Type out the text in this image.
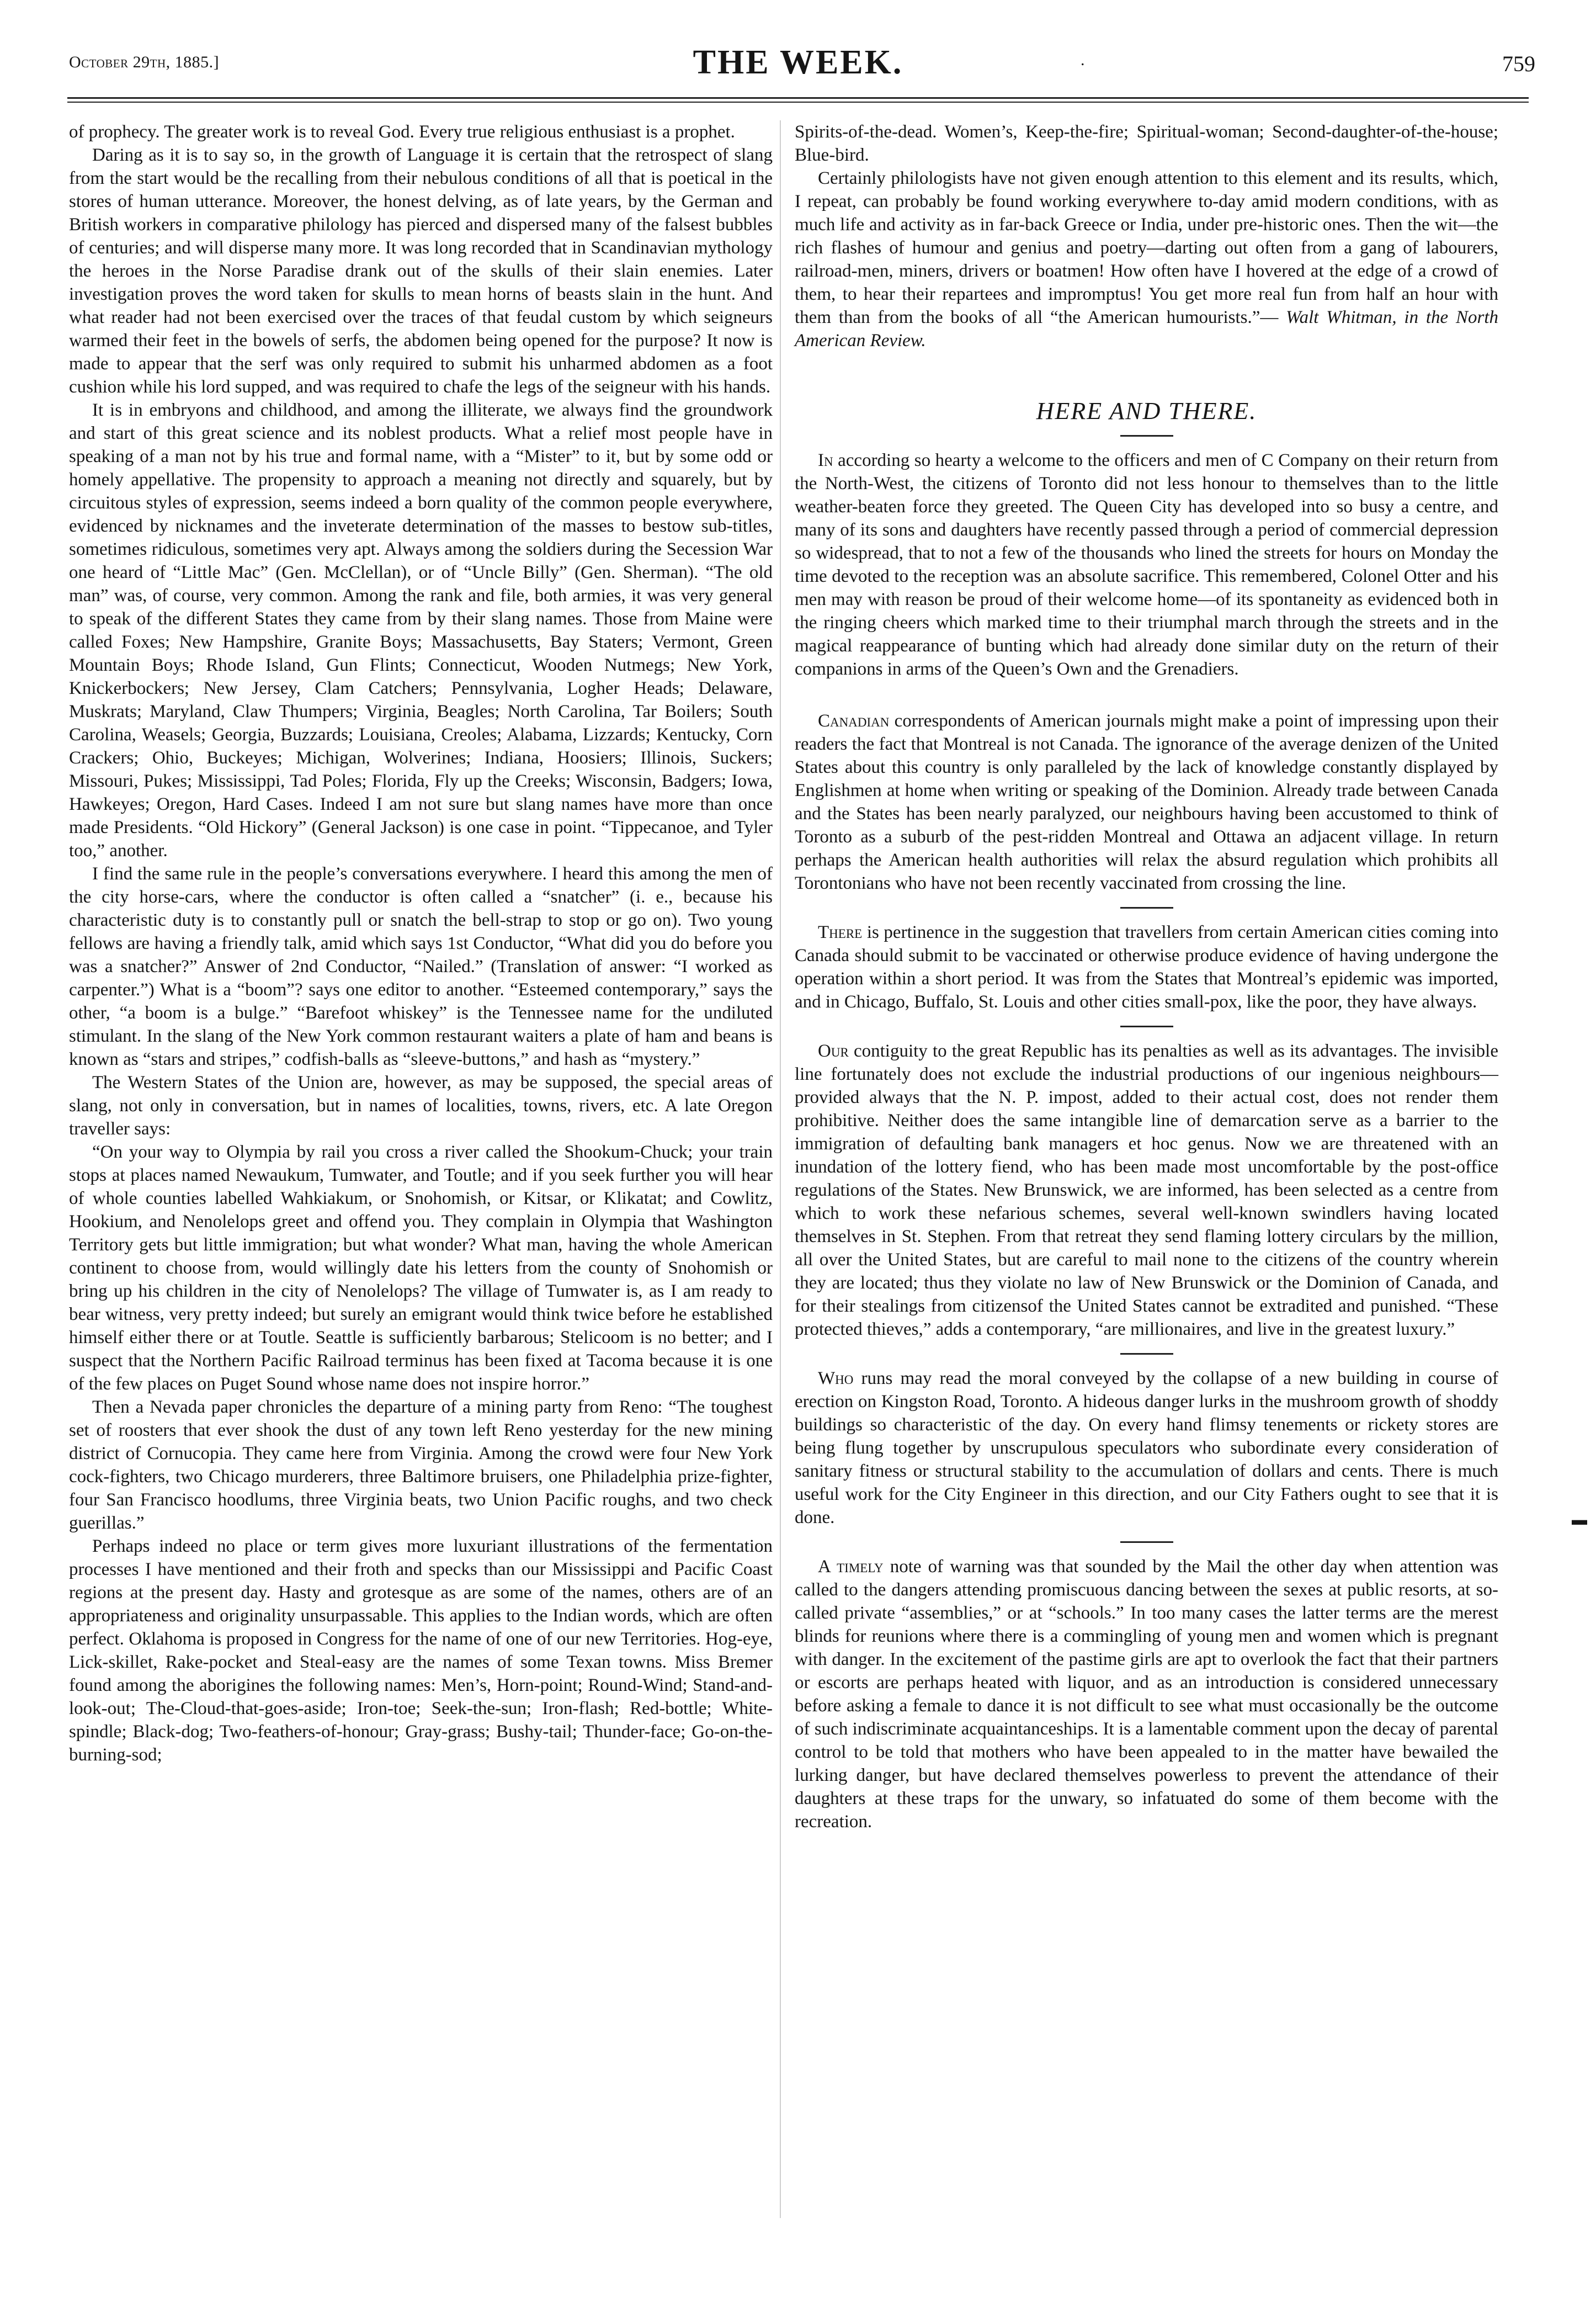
October 29th, 1885.]	THE WEEK.	.	759

of prophecy. The greater work is to reveal God. Every true religious enthusiast is a prophet.

Daring as it is to say so, in the growth of Language it is certain that the retrospect of slang from the start would be the recalling from their nebulous conditions of all that is poetical in the stores of human utterance. Moreover, the honest delving, as of late years, by the German and British workers in comparative philology has pierced and dispersed many of the falsest bubbles of centuries; and will disperse many more. It was long recorded that in Scandinavian mythology the heroes in the Norse Paradise drank out of the skulls of their slain enemies. Later investigation proves the word taken for skulls to mean horns of beasts slain in the hunt. And what reader had not been exercised over the traces of that feudal custom by which seigneurs warmed their feet in the bowels of serfs, the abdomen being opened for the purpose? It now is made to appear that the serf was only required to submit his unharmed abdomen as a foot cushion while his lord supped, and was required to chafe the legs of the seigneur with his hands.

It is in embryons and childhood, and among the illiterate, we always find the groundwork and start of this great science and its noblest products. What a relief most people have in speaking of a man not by his true and formal name, with a “Mister” to it, but by some odd or homely appellative. The propensity to approach a meaning not directly and squarely, but by circuitous styles of expression, seems indeed a born quality of the common people everywhere, evidenced by nicknames and the inveterate determination of the masses to bestow sub-titles, sometimes ridiculous, sometimes very apt. Always among the soldiers during the Secession War one heard of “Little Mac” (Gen. McClellan), or of “Uncle Billy” (Gen. Sherman). “The old man” was, of course, very common. Among the rank and file, both armies, it was very general to speak of the different States they came from by their slang names. Those from Maine were called Foxes; New Hampshire, Granite Boys; Massachusetts, Bay Staters; Vermont, Green Mountain Boys; Rhode Island, Gun Flints; Connecticut, Wooden Nutmegs; New York, Knickerbockers; New Jersey, Clam Catchers; Pennsylvania, Logher Heads; Delaware, Muskrats; Maryland, Claw Thumpers; Virginia, Beagles; North Carolina, Tar Boilers; South Carolina, Weasels; Georgia, Buzzards; Louisiana, Creoles; Alabama, Lizzards; Kentucky, Corn Crackers; Ohio, Buckeyes; Michigan, Wolverines; Indiana, Hoosiers; Illinois, Suckers; Missouri, Pukes; Mississippi, Tad Poles; Florida, Fly up the Creeks; Wisconsin, Badgers; Iowa, Hawkeyes; Oregon, Hard Cases. Indeed I am not sure but slang names have more than once made Presidents. “Old Hickory” (General Jackson) is one case in point. “Tippecanoe, and Tyler too,” another.

I find the same rule in the people’s conversations everywhere. I heard this among the men of the city horse-cars, where the conductor is often called a “snatcher” (i. e., because his characteristic duty is to constantly pull or snatch the bell-strap to stop or go on). Two young fellows are having a friendly talk, amid which says 1st Conductor, “What did you do before you was a snatcher?” Answer of 2nd Conductor, “Nailed.” (Translation of answer: “I worked as carpenter.”) What is a “boom”? says one editor to another. “Esteemed contemporary,” says the other, “a boom is a bulge.” “Barefoot whiskey” is the Tennessee name for the undiluted stimulant. In the slang of the New York common restaurant waiters a plate of ham and beans is known as “stars and stripes,” codfish-balls as “sleeve-buttons,” and hash as “mystery.”

The Western States of the Union are, however, as may be supposed, the special areas of slang, not only in conversation, but in names of localities, towns, rivers, etc. A late Oregon traveller says:

“On your way to Olympia by rail you cross a river called the Shookum-Chuck; your train stops at places named Newaukum, Tumwater, and Toutle; and if you seek further you will hear of whole counties labelled Wahkiakum, or Snohomish, or Kitsar, or Klikatat; and Cowlitz, Hookium, and Nenolelops greet and offend you. They complain in Olympia that Washington Territory gets but little immigration; but what wonder? What man, having the whole American continent to choose from, would willingly date his letters from the county of Snohomish or bring up his children in the city of Nenolelops? The village of Tumwater is, as I am ready to bear witness, very pretty indeed; but surely an emigrant would think twice before he established himself either there or at Toutle. Seattle is sufficiently barbarous; Stelicoom is no better; and I suspect that the Northern Pacific Railroad terminus has been fixed at Tacoma because it is one of the few places on Puget Sound whose name does not inspire horror.”

Then a Nevada paper chronicles the departure of a mining party from Reno: “The toughest set of roosters that ever shook the dust of any town left Reno yesterday for the new mining district of Cornucopia. They came here from Virginia. Among the crowd were four New York cock-fighters, two Chicago murderers, three Baltimore bruisers, one Philadelphia prize-fighter, four San Francisco hoodlums, three Virginia beats, two Union Pacific roughs, and two check guerillas.”

Perhaps indeed no place or term gives more luxuriant illustrations of the fermentation processes I have mentioned and their froth and specks than our Mississippi and Pacific Coast regions at the present day. Hasty and grotesque as are some of the names, others are of an appropriateness and originality unsurpassable. This applies to the Indian words, which are often perfect. Oklahoma is proposed in Congress for the name of one of our new Territories. Hog-eye, Lick-skillet, Rake-pocket and Steal-easy are the names of some Texan towns. Miss Bremer found among the aborigines the following names: Men’s, Horn-point; Round-Wind; Stand-and-look-out; The-Cloud-that-goes-aside; Iron-toe; Seek-the-sun; Iron-flash; Red-bottle; White-spindle; Black-dog; Two-feathers-of-honour; Gray-grass; Bushy-tail; Thunder-face; Go-on-the-burning-sod;

Spirits-of-the-dead. Women’s, Keep-the-fire; Spiritual-woman; Second-daughter-of-the-house; Blue-bird.

Certainly philologists have not given enough attention to this element and its results, which, I repeat, can probably be found working everywhere to-day amid modern conditions, with as much life and activity as in far-back Greece or India, under pre-historic ones. Then the wit—the rich flashes of humour and genius and poetry—darting out often from a gang of labourers, railroad-men, miners, drivers or boatmen! How often have I hovered at the edge of a crowd of them, to hear their repartees and impromptus! You get more real fun from half an hour with them than from the books of all “the American humourists.”— Walt Whitman, in the North American Review.

HERE AND THERE.

In according so hearty a welcome to the officers and men of C Company on their return from the North-West, the citizens of Toronto did not less honour to themselves than to the little weather-beaten force they greeted. The Queen City has developed into so busy a centre, and many of its sons and daughters have recently passed through a period of commercial depression so widespread, that to not a few of the thousands who lined the streets for hours on Monday the time devoted to the reception was an absolute sacrifice. This remembered, Colonel Otter and his men may with reason be proud of their welcome home—of its spontaneity as evidenced both in the ringing cheers which marked time to their triumphal march through the streets and in the magical reappearance of bunting which had already done similar duty on the return of their companions in arms of the Queen’s Own and the Grenadiers.

Canadian correspondents of American journals might make a point of impressing upon their readers the fact that Montreal is not Canada. The ignorance of the average denizen of the United States about this country is only paralleled by the lack of knowledge constantly displayed by Englishmen at home when writing or speaking of the Dominion. Already trade between Canada and the States has been nearly paralyzed, our neighbours having been accustomed to think of Toronto as a suburb of the pest-ridden Montreal and Ottawa an adjacent village. In return perhaps the American health authorities will relax the absurd regulation which prohibits all Torontonians who have not been recently vaccinated from crossing the line.

There is pertinence in the suggestion that travellers from certain American cities coming into Canada should submit to be vaccinated or otherwise produce evidence of having undergone the operation within a short period. It was from the States that Montreal’s epidemic was imported, and in Chicago, Buffalo, St. Louis and other cities small-pox, like the poor, they have always.

Our contiguity to the great Republic has its penalties as well as its advantages. The invisible line fortunately does not exclude the industrial productions of our ingenious neighbours—provided always that the N. P. impost, added to their actual cost, does not render them prohibitive. Neither does the same intangible line of demarcation serve as a barrier to the immigration of defaulting bank managers et hoc genus. Now we are threatened with an inundation of the lottery fiend, who has been made most uncomfortable by the post-office regulations of the States. New Brunswick, we are informed, has been selected as a centre from which to work these nefarious schemes, several well-known swindlers having located themselves in St. Stephen. From that retreat they send flaming lottery circulars by the million, all over the United States, but are careful to mail none to the citizens of the country wherein they are located; thus they violate no law of New Brunswick or the Dominion of Canada, and for their stealings from citizensof the United States cannot be extradited and punished. “These protected thieves,” adds a contemporary, “are millionaires, and live in the greatest luxury.”

Who runs may read the moral conveyed by the collapse of a new building in course of erection on Kingston Road, Toronto. A hideous danger lurks in the mushroom growth of shoddy buildings so characteristic of the day. On every hand flimsy tenements or rickety stores are being flung together by unscrupulous speculators who subordinate every consideration of sanitary fitness or structural stability to the accumulation of dollars and cents. There is much useful work for the City Engineer in this direction, and our City Fathers ought to see that it is done.

A timely note of warning was that sounded by the Mail the other day when attention was called to the dangers attending promiscuous dancing between the sexes at public resorts, at so-called private “assemblies,” or at “schools.” In too many cases the latter terms are the merest blinds for reunions where there is a commingling of young men and women which is pregnant with danger. In the excitement of the pastime girls are apt to overlook the fact that their partners or escorts are perhaps heated with liquor, and as an introduction is considered unnecessary before asking a female to dance it is not difficult to see what must occasionally be the outcome of such indiscriminate acquaintanceships. It is a lamentable comment upon the decay of parental control to be told that mothers who have been appealed to in the matter have bewailed the lurking danger, but have declared themselves powerless to prevent the attendance of their daughters at these traps for the unwary, so infatuated do some of them become with the recreation.

▬
